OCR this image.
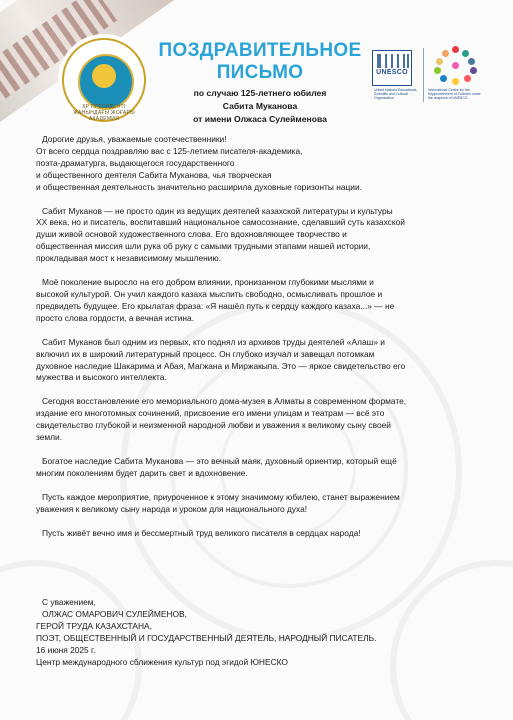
ҚР ПРЕЗИДЕНТІ ЖАНЫНДАҒЫ ЖОҒАРЫ АКАДЕМИЯ
ПОЗДРАВИТЕЛЬНОЕ
ПИСЬМО
по случаю 125-летнего юбилея
Сабита Муканова
от имени Олжаса Сулейменова
UNESCO
United Nations Educational, Scientific and Cultural Organization
International Centre for the Rapprochement of Cultures under the auspices of UNESCO
Дорогие друзья, уважаемые соотечественники!
От всего сердца поздравляю вас с 125-летием писателя-академика,
поэта-драматурга, выдающегося государственного
и общественного деятеля Сабита Муканова, чья творческая
и общественная деятельность значительно расширила духовные горизонты нации.
Сабит Муканов — не просто один из ведущих деятелей казахской литературы и культуры
XX века, но и писатель, воспитавший национальное самосознание, сделавший суть казахской
души живой основой художественного слова. Его вдохновляющее творчество и
общественная миссия шли рука об руку с самыми трудными этапами нашей истории,
прокладывая мост к независимому мышлению.
Моё поколение выросло на его добром влиянии, пронизанном глубокими мыслями и
высокой культурой. Он учил каждого казаха мыслить свободно, осмысливать прошлое и
предвидеть будущее. Его крылатая фраза: «Я нашёл путь к сердцу каждого казаха...» — не
просто слова гордости, а вечная истина.
Сабит Муканов был одним из первых, кто поднял из архивов труды деятелей «Алаш» и
включил их в широкий литературный процесс. Он глубоко изучал и завещал потомкам
духовное наследие Шакарима и Абая, Магжана и Миржакыпа. Это — яркое свидетельство его
мужества и высокого интеллекта.
Сегодня восстановление его мемориального дома-музея в Алматы в современном формате,
издание его многотомных сочинений, присвоение его имени улицам и театрам — всё это
свидетельство глубокой и неизменной народной любви и уважения к великому сыну своей
земли.
Богатое наследие Сабита Муканова — это вечный маяк, духовный ориентир, который ещё
многим поколениям будет дарить свет и вдохновение.
Пусть каждое мероприятие, приуроченное к этому значимому юбилею, станет выражением
уважения к великому сыну народа и уроком для национального духа!
Пусть живёт вечно имя и бессмертный труд великого писателя в сердцах народа!
С уважением,
ОЛЖАС ОМАРОВИЧ СУЛЕЙМЕНОВ,
ГЕРОЙ ТРУДА КАЗАХСТАНА,
ПОЭТ, ОБЩЕСТВЕННЫЙ И ГОСУДАРСТВЕННЫЙ ДЕЯТЕЛЬ, НАРОДНЫЙ ПИСАТЕЛЬ.
16 июня 2025 г.
Центр международного сближения культур под эгидой ЮНЕСКО
